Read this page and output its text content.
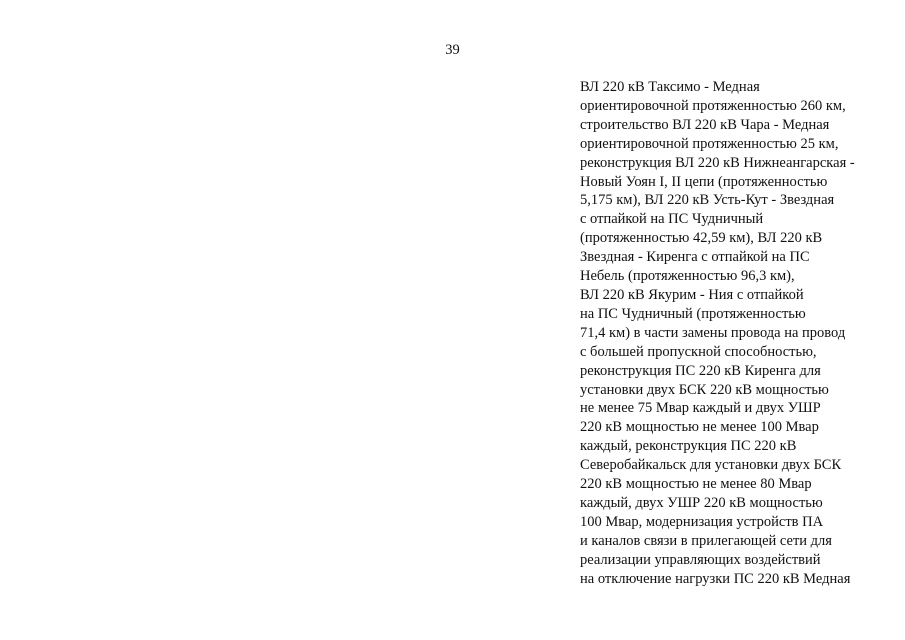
39
ВЛ 220 кВ Таксимо - Медная
ориентировочной протяженностью 260 км,
строительство ВЛ 220 кВ Чара - Медная
ориентировочной протяженностью 25 км,
реконструкция ВЛ 220 кВ Нижнеангарская -
Новый Уоян I, II цепи (протяженностью
5,175 км), ВЛ 220 кВ Усть-Кут - Звездная
с отпайкой на ПС Чудничный
(протяженностью 42,59 км), ВЛ 220 кВ
Звездная - Киренга с отпайкой на ПС
Небель (протяженностью 96,3 км),
ВЛ 220 кВ Якурим - Ния с отпайкой
на ПС Чудничный (протяженностью
71,4 км) в части замены провода на провод
с большей пропускной способностью,
реконструкция ПС 220 кВ Киренга для
установки двух БСК 220 кВ мощностью
не менее 75 Мвар каждый и двух УШР
220 кВ мощностью не менее 100 Мвар
каждый, реконструкция ПС 220 кВ
Северобайкальск для установки двух БСК
220 кВ мощностью не менее 80 Мвар
каждый, двух УШР 220 кВ мощностью
100 Мвар, модернизация устройств ПА
и каналов связи в прилегающей сети для
реализации управляющих воздействий
на отключение нагрузки ПС 220 кВ Медная
